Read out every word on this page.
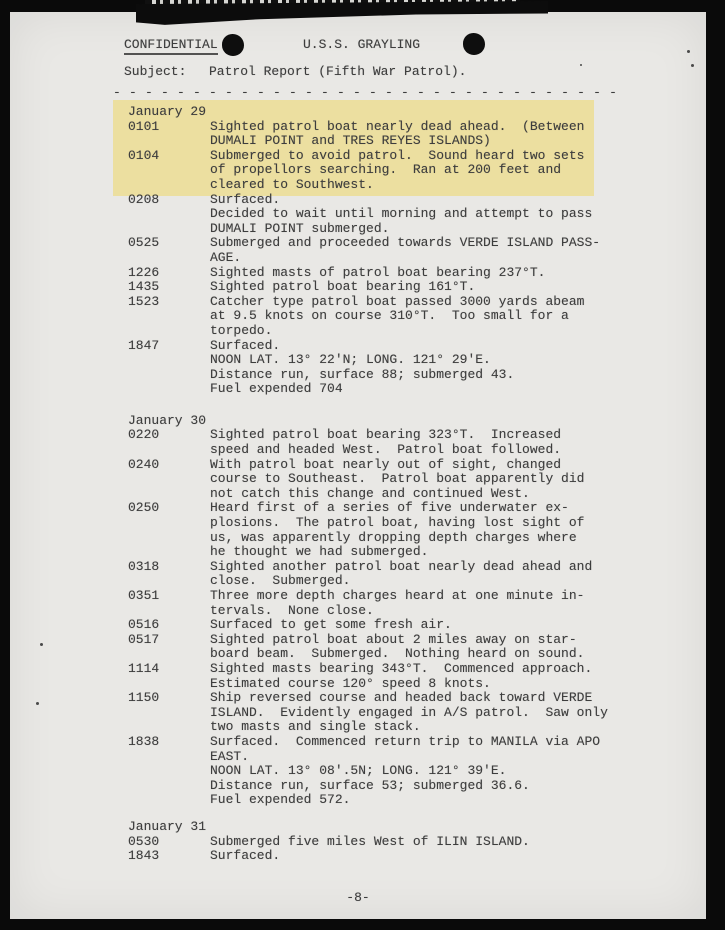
CONFIDENTIAL	U.S.S. GRAYLING
Subject: Patrol Report (Fifth War Patrol).
- - - - - - - - - - - - - - - - - - - - - - - - - - - - - - - -
January 29
0101	Sighted patrol boat nearly dead ahead.  (Between
DUMALI POINT and TRES REYES ISLANDS)
0104	Submerged to avoid patrol.  Sound heard two sets
of propellors searching.  Ran at 200 feet and
cleared to Southwest.
0208	Surfaced.
Decided to wait until morning and attempt to pass
DUMALI POINT submerged.
0525	Submerged and proceeded towards VERDE ISLAND PASS-
AGE.
1226	Sighted masts of patrol boat bearing 237°T.
1435	Sighted patrol boat bearing 161°T.
1523	Catcher type patrol boat passed 3000 yards abeam
at 9.5 knots on course 310°T.  Too small for a
torpedo.
1847	Surfaced.
NOON LAT. 13° 22'N; LONG. 121° 29'E.
Distance run, surface 88; submerged 43.
Fuel expended 704
January 30
0220	Sighted patrol boat bearing 323°T.  Increased
speed and headed West.  Patrol boat followed.
0240	With patrol boat nearly out of sight, changed
course to Southeast.  Patrol boat apparently did
not catch this change and continued West.
0250	Heard first of a series of five underwater ex-
plosions.  The patrol boat, having lost sight of
us, was apparently dropping depth charges where
he thought we had submerged.
0318	Sighted another patrol boat nearly dead ahead and
close.  Submerged.
0351	Three more depth charges heard at one minute in-
tervals.  None close.
0516	Surfaced to get some fresh air.
0517	Sighted patrol boat about 2 miles away on star-
board beam.  Submerged.  Nothing heard on sound.
1114	Sighted masts bearing 343°T.  Commenced approach.
Estimated course 120° speed 8 knots.
1150	Ship reversed course and headed back toward VERDE
ISLAND.  Evidently engaged in A/S patrol.  Saw only
two masts and single stack.
1838	Surfaced.  Commenced return trip to MANILA via APO
EAST.
NOON LAT. 13° 08'.5N; LONG. 121° 39'E.
Distance run, surface 53; submerged 36.6.
Fuel expended 572.
January 31
0530	Submerged five miles West of ILIN ISLAND.
1843	Surfaced.
-8-
